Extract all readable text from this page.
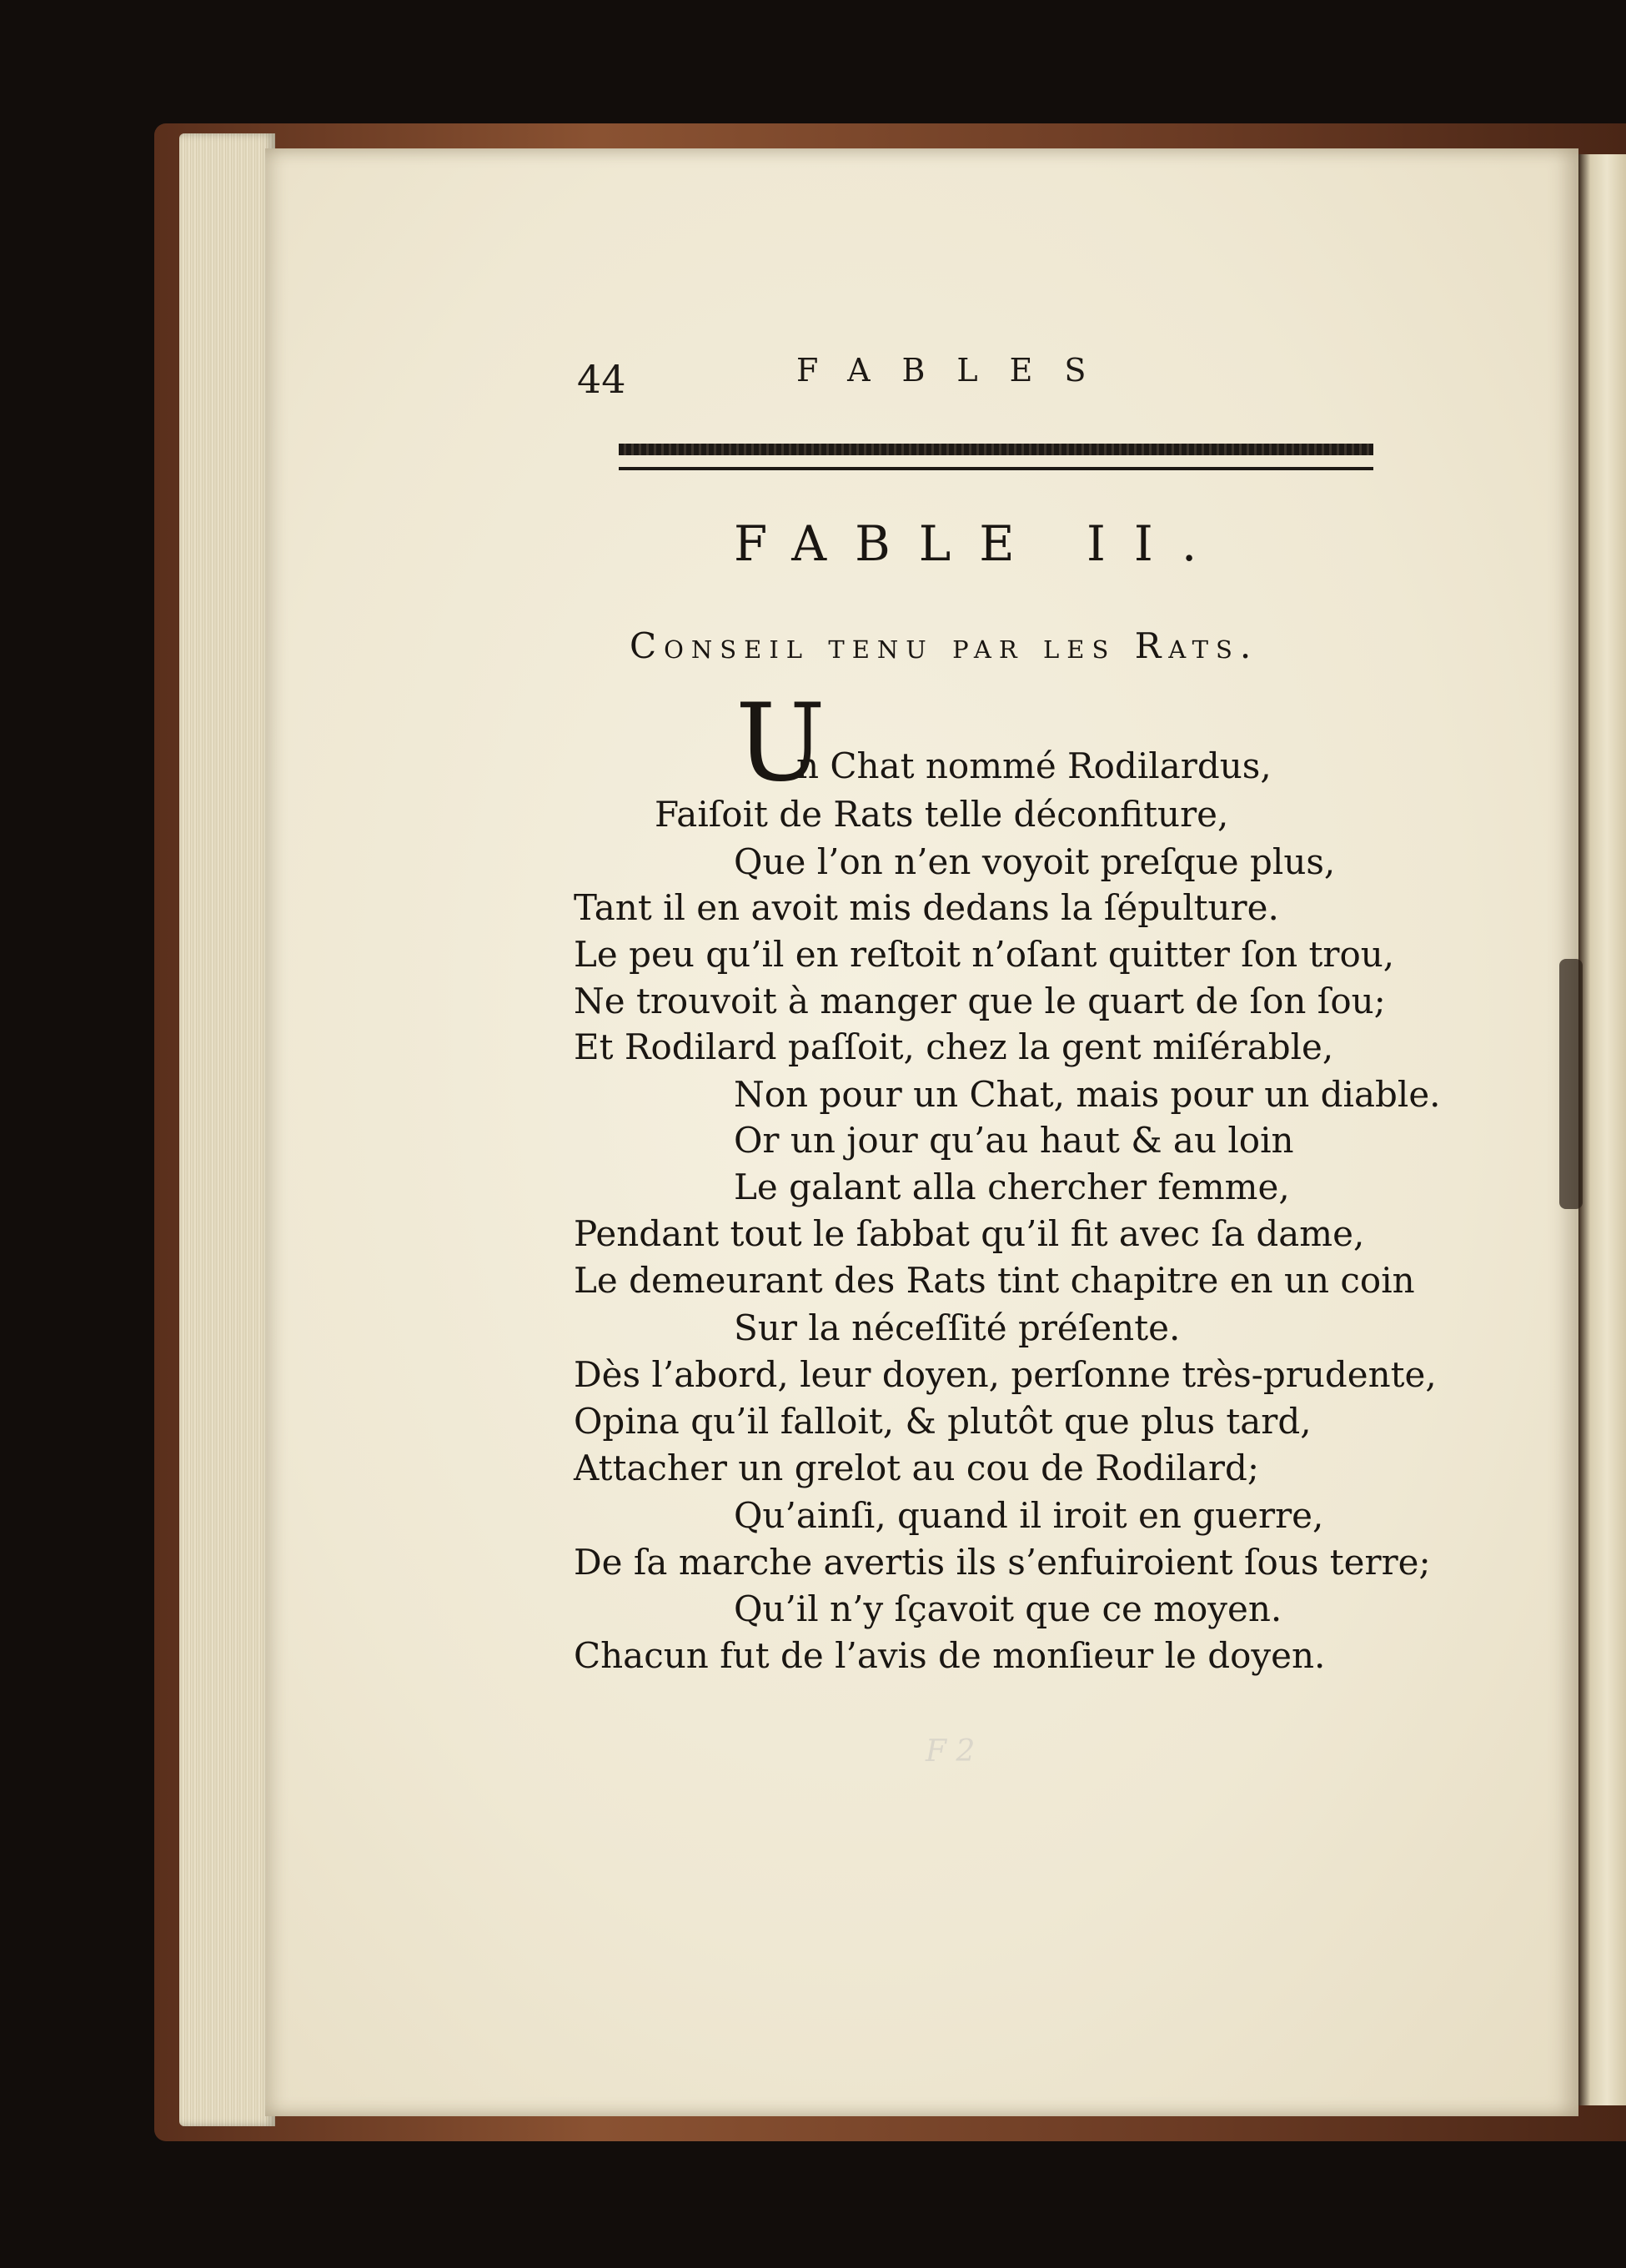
F 2
44	FABLES
FABLE II.
Conseil tenu par les Rats.
U
n Chat nommé Rodilardus,
Faiſoit de Rats telle déconfiture,
Que l’on n’en voyoit preſque plus,
Tant il en avoit mis dedans la ſépulture.
Le peu qu’il en reſtoit n’oſant quitter ſon trou,
Ne trouvoit à manger que le quart de ſon ſou;
Et Rodilard paſſoit, chez la gent miſérable,
Non pour un Chat, mais pour un diable.
Or un jour qu’au haut & au loin
Le galant alla chercher femme,
Pendant tout le ſabbat qu’il fit avec ſa dame,
Le demeurant des Rats tint chapitre en un coin
Sur la néceſſité préſente.
Dès l’abord, leur doyen, perſonne très-prudente,
Opina qu’il falloit, & plutôt que plus tard,
Attacher un grelot au cou de Rodilard;
Qu’ainſi, quand il iroit en guerre,
De ſa marche avertis ils s’enfuiroient ſous terre;
Qu’il n’y ſçavoit que ce moyen.
Chacun fut de l’avis de monſieur le doyen.
